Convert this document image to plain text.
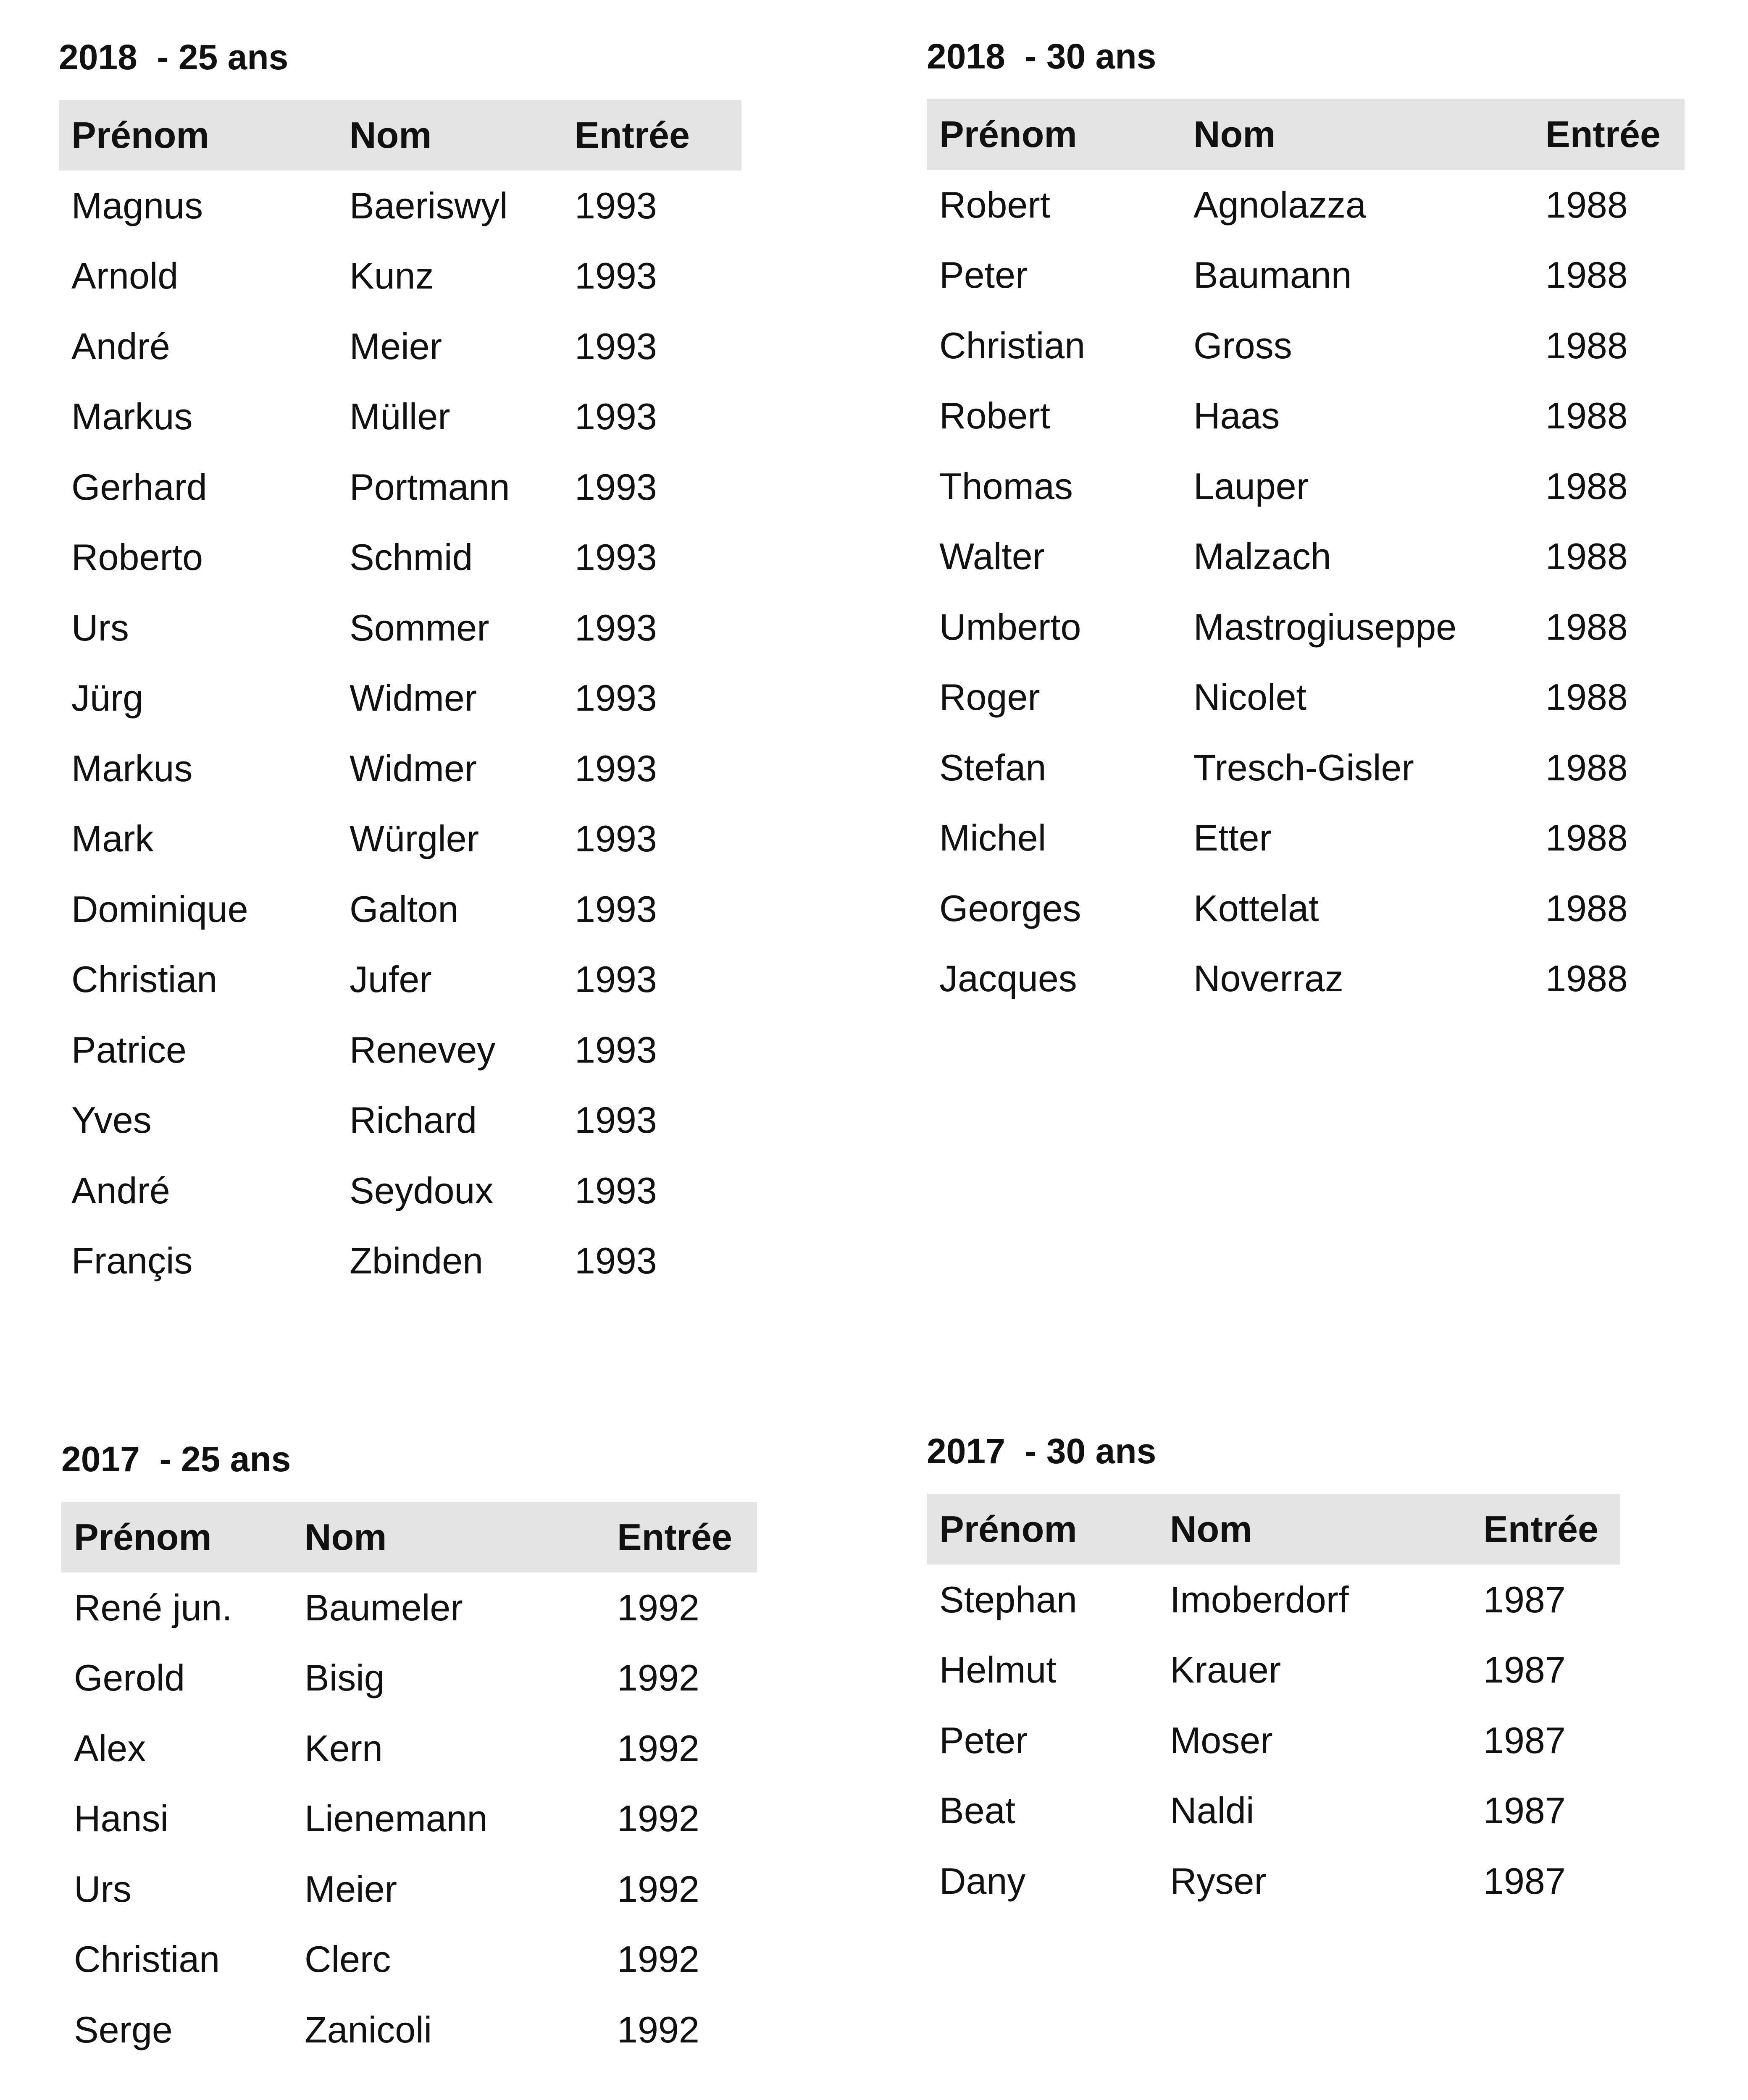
2018  - 25 ans
Prénom	Nom	Entrée
Magnus	Baeriswyl	1993
Arnold	Kunz	1993
André	Meier	1993
Markus	Müller	1993
Gerhard	Portmann	1993
Roberto	Schmid	1993
Urs	Sommer	1993
Jürg	Widmer	1993
Markus	Widmer	1993
Mark	Würgler	1993
Dominique	Galton	1993
Christian	Jufer	1993
Patrice	Renevey	1993
Yves	Richard	1993
André	Seydoux	1993
Françis	Zbinden	1993
2018  - 30 ans
Prénom	Nom	Entrée
Robert	Agnolazza	1988
Peter	Baumann	1988
Christian	Gross	1988
Robert	Haas	1988
Thomas	Lauper	1988
Walter	Malzach	1988
Umberto	Mastrogiuseppe	1988
Roger	Nicolet	1988
Stefan	Tresch-Gisler	1988
Michel	Etter	1988
Georges	Kottelat	1988
Jacques	Noverraz	1988
2017  - 25 ans
Prénom	Nom	Entrée
René jun.	Baumeler	1992
Gerold	Bisig	1992
Alex	Kern	1992
Hansi	Lienemann	1992
Urs	Meier	1992
Christian	Clerc	1992
Serge	Zanicoli	1992
2017  - 30 ans
Prénom	Nom	Entrée
Stephan	Imoberdorf	1987
Helmut	Krauer	1987
Peter	Moser	1987
Beat	Naldi	1987
Dany	Ryser	1987
